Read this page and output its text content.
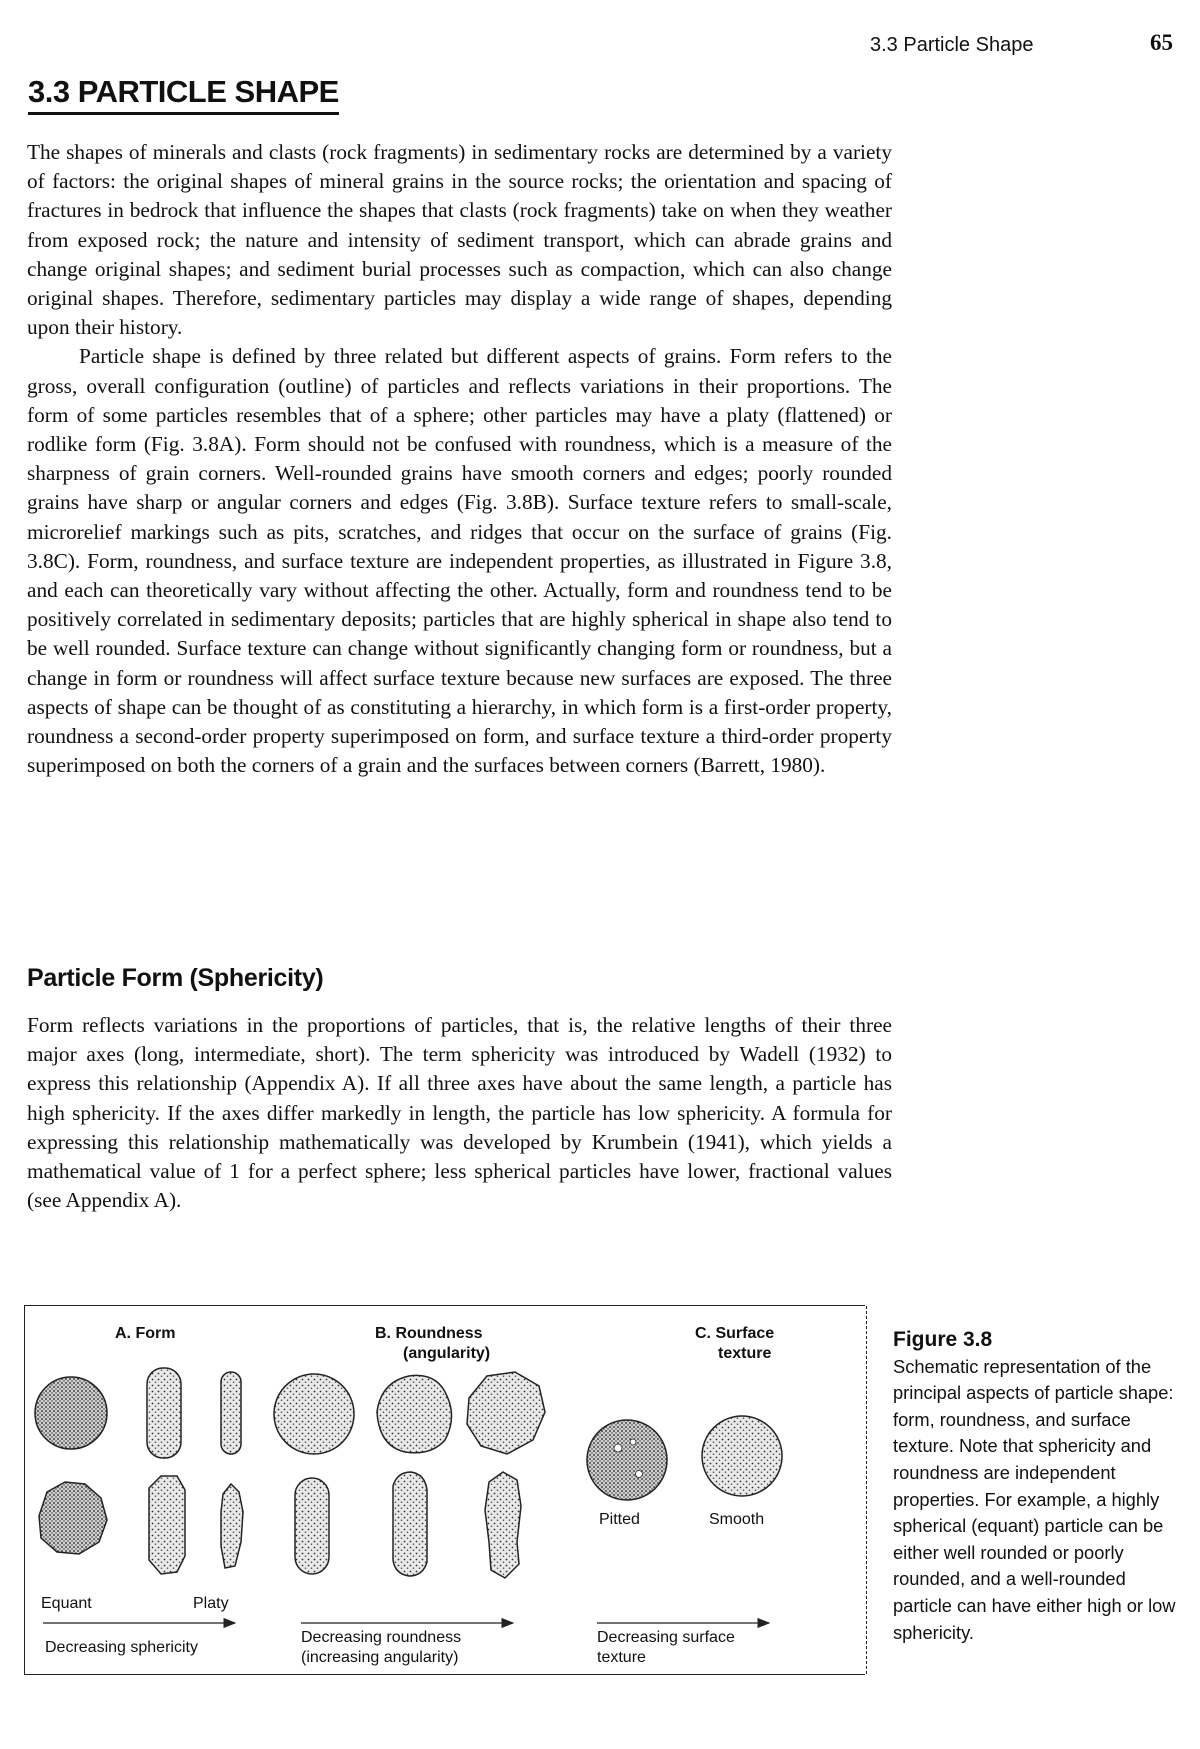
3.3 Particle Shape	65
3.3 PARTICLE SHAPE

The shapes of minerals and clasts (rock fragments) in sedimentary rocks are determined by a variety of factors: the original shapes of mineral grains in the source rocks; the orientation and spacing of fractures in bedrock that influence the shapes that clasts (rock fragments) take on when they weather from exposed rock; the nature and intensity of sediment transport, which can abrade grains and change original shapes; and sediment burial processes such as compaction, which can also change original shapes. Therefore, sedimentary particles may display a wide range of shapes, depending upon their history.

Particle shape is defined by three related but different aspects of grains. Form refers to the gross, overall configuration (outline) of particles and reflects variations in their proportions. The form of some particles resembles that of a sphere; other particles may have a platy (flattened) or rodlike form (Fig. 3.8A). Form should not be confused with roundness, which is a measure of the sharpness of grain corners. Well-rounded grains have smooth corners and edges; poorly rounded grains have sharp or angular corners and edges (Fig. 3.8B). Surface texture refers to small-scale, microrelief markings such as pits, scratches, and ridges that occur on the surface of grains (Fig. 3.8C). Form, roundness, and surface texture are independent properties, as illustrated in Figure 3.8, and each can theoretically vary without affecting the other. Actually, form and roundness tend to be positively correlated in sedimentary deposits; particles that are highly spherical in shape also tend to be well rounded. Surface texture can change without significantly changing form or roundness, but a change in form or roundness will affect surface texture because new surfaces are exposed. The three aspects of shape can be thought of as constituting a hierarchy, in which form is a first-order property, roundness a second-order property superimposed on form, and surface texture a third-order property superimposed on both the corners of a grain and the surfaces between corners (Barrett, 1980).

Particle Form (Sphericity)

Form reflects variations in the proportions of particles, that is, the relative lengths of their three major axes (long, intermediate, short). The term sphericity was introduced by Wadell (1932) to express this relationship (Appendix A). If all three axes have about the same length, a particle has high sphericity. If the axes differ markedly in length, the particle has low sphericity. A formula for expressing this relationship mathematically was developed by Krumbein (1941), which yields a mathematical value of 1 for a perfect sphere; less spherical particles have lower, fractional values (see Appendix A).

A. Form	B. Roundness
(angularity)
C. Surface
texture
Equant	Platy
Decreasing sphericity
Decreasing roundness
(increasing angularity)
Pitted	Smooth
Decreasing surface
texture
Figure 3.8
Schematic representation of the principal aspects of particle shape: form, roundness, and surface texture. Note that sphericity and roundness are independent properties. For example, a highly spherical (equant) particle can be either well rounded or poorly rounded, and a well-rounded particle can have either high or low sphericity.
